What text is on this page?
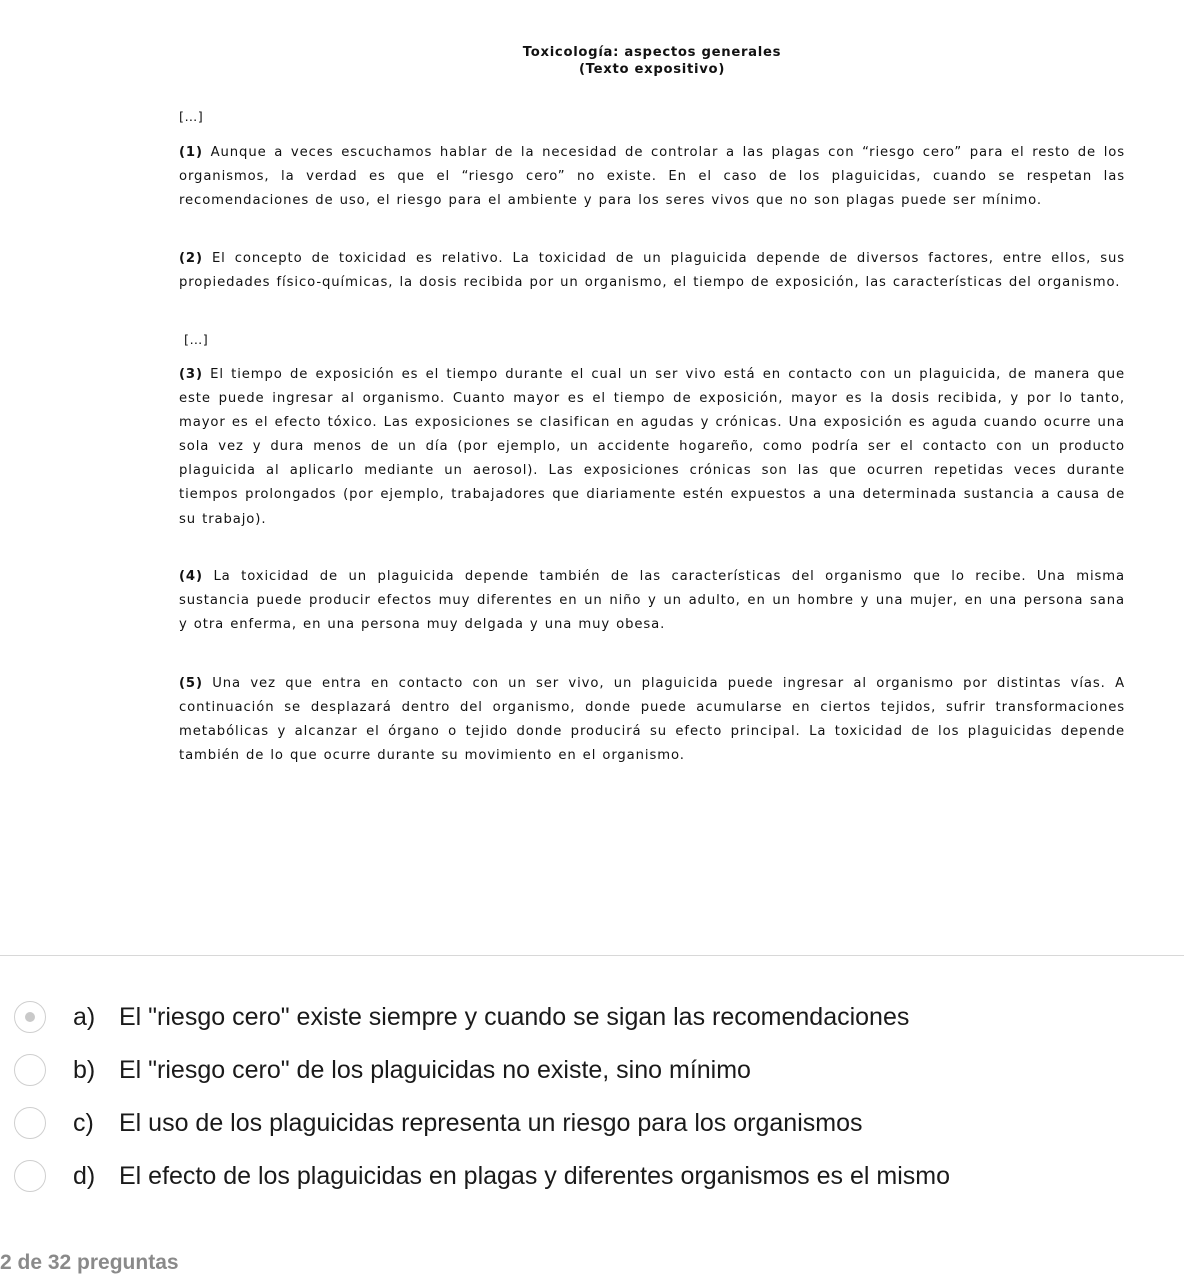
Toxicología: aspectos generales
(Texto expositivo)
[…]
(1) Aunque a veces escuchamos hablar de la necesidad de controlar a las plagas con “riesgo cero” para el resto de los organismos, la verdad es que el “riesgo cero” no existe. En el caso de los plaguicidas, cuando se respetan las recomendaciones de uso, el riesgo para el ambiente y para los seres vivos que no son plagas puede ser mínimo.
(2) El concepto de toxicidad es relativo. La toxicidad de un plaguicida depende de diversos factores, entre ellos, sus propiedades físico-químicas, la dosis recibida por un organismo, el tiempo de exposición, las características del organismo.
[…]
(3) El tiempo de exposición es el tiempo durante el cual un ser vivo está en contacto con un plaguicida, de manera que este puede ingresar al organismo. Cuanto mayor es el tiempo de exposición, mayor es la dosis recibida, y por lo tanto, mayor es el efecto tóxico. Las exposiciones se clasifican en agudas y crónicas. Una exposición es aguda cuando ocurre una sola vez y dura menos de un día (por ejemplo, un accidente hogareño, como podría ser el contacto con un producto plaguicida al aplicarlo mediante un aerosol). Las exposiciones crónicas son las que ocurren repetidas veces durante tiempos prolongados (por ejemplo, trabajadores que diariamente estén expuestos a una determinada sustancia a causa de su trabajo).
(4) La toxicidad de un plaguicida depende también de las características del organismo que lo recibe. Una misma sustancia puede producir efectos muy diferentes en un niño y un adulto, en un hombre y una mujer, en una persona sana y otra enferma, en una persona muy delgada y una muy obesa.
(5) Una vez que entra en contacto con un ser vivo, un plaguicida puede ingresar al organismo por distintas vías. A continuación se desplazará dentro del organismo, donde puede acumularse en ciertos tejidos, sufrir transformaciones metabólicas y alcanzar el órgano o tejido donde producirá su efecto principal. La toxicidad de los plaguicidas depende también de lo que ocurre durante su movimiento en el organismo.
a) El "riesgo cero" existe siempre y cuando se sigan las recomendaciones
b) El "riesgo cero" de los plaguicidas no existe, sino mínimo
c)	El uso de los plaguicidas representa un riesgo para los organismos
d) El efecto de los plaguicidas en plagas y diferentes organismos es el mismo
2 de 32 preguntas
